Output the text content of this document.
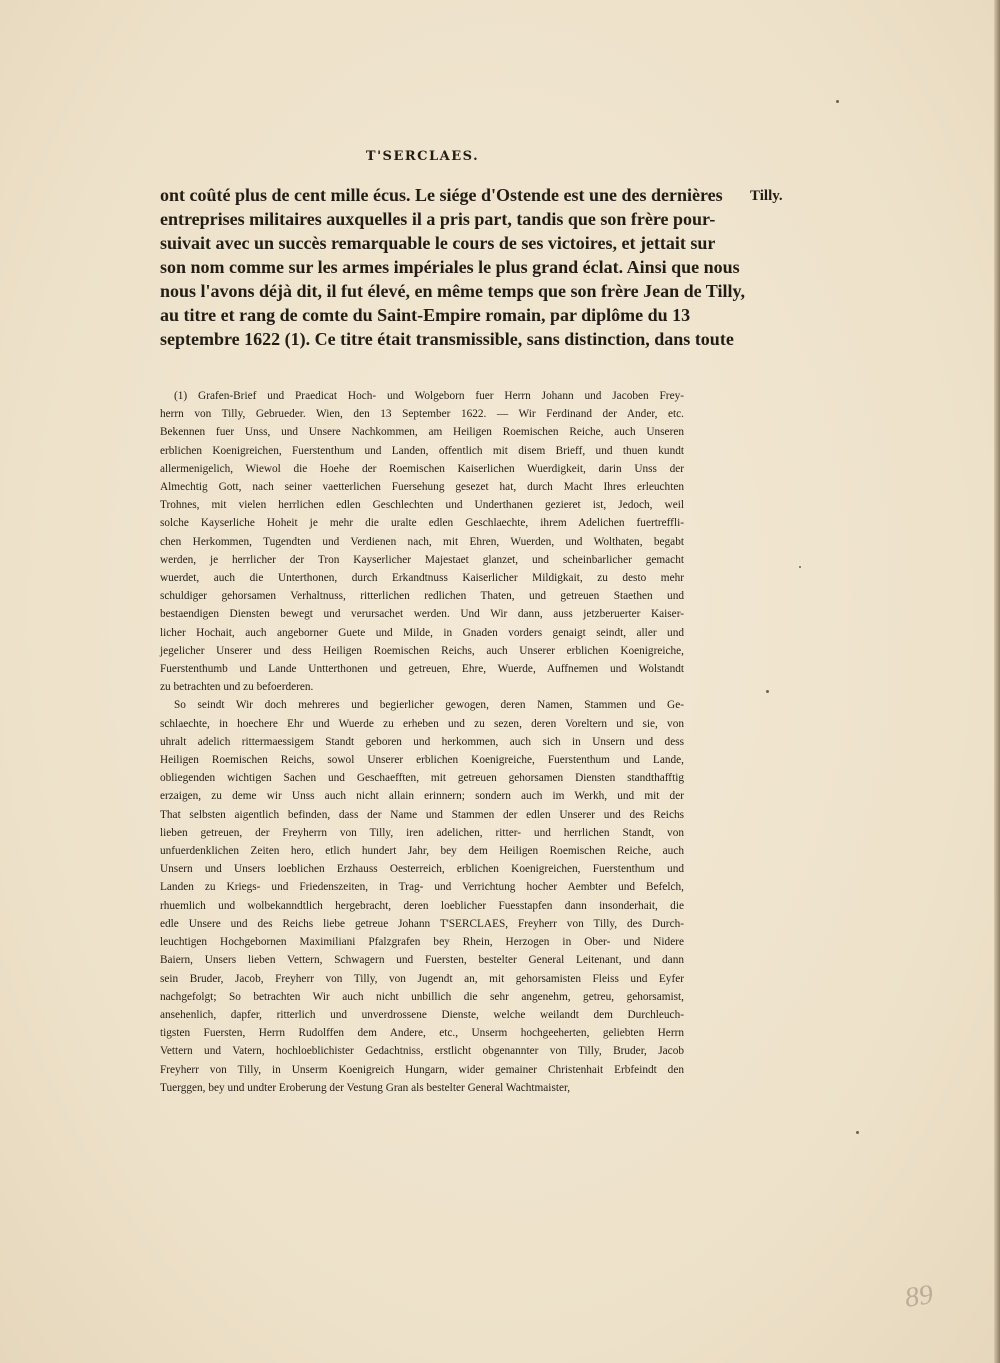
T'SERCLAES.
Tilly.
ont coûté plus de cent mille écus. Le siége d'Ostende est une des dernières
entreprises militaires auxquelles il a pris part, tandis que son frère pour-
suivait avec un succès remarquable le cours de ses victoires, et jettait sur
son nom comme sur les armes impériales le plus grand éclat. Ainsi que nous
nous l'avons déjà dit, il fut élevé, en même temps que son frère Jean de Tilly,
au titre et rang de comte du Saint-Empire romain, par diplôme du 13
septembre 1622 (1). Ce titre était transmissible, sans distinction, dans toute
(1) Grafen-Brief und Praedicat Hoch- und Wolgeborn fuer Herrn Johann und Jacoben Frey-
herrn von Tilly, Gebrueder. Wien, den 13 September 1622. — Wir Ferdinand der Ander, etc.
Bekennen fuer Unss, und Unsere Nachkommen, am Heiligen Roemischen Reiche, auch Unseren
erblichen Koenigreichen, Fuerstenthum und Landen, offentlich mit disem Brieff, und thuen kundt
allermenigelich, Wiewol die Hoehe der Roemischen Kaiserlichen Wuerdigkeit, darin Unss der
Almechtig Gott, nach seiner vaetterlichen Fuersehung gesezet hat, durch Macht Ihres erleuchten
Trohnes, mit vielen herrlichen edlen Geschlechten und Underthanen gezieret ist, Jedoch, weil
solche Kayserliche Hoheit je mehr die uralte edlen Geschlaechte, ihrem Adelichen fuertreffli-
chen Herkommen, Tugendten und Verdienen nach, mit Ehren, Wuerden, und Wolthaten, begabt
werden, je herrlicher der Tron Kayserlicher Majestaet glanzet, und scheinbarlicher gemacht
wuerdet, auch die Unterthonen, durch Erkandtnuss Kaiserlicher Mildigkait, zu desto mehr
schuldiger gehorsamen Verhaltnuss, ritterlichen redlichen Thaten, und getreuen Staethen und
bestaendigen Diensten bewegt und verursachet werden. Und Wir dann, auss jetzberuerter Kaiser-
licher Hochait, auch angeborner Guete und Milde, in Gnaden vorders genaigt seindt, aller und
jegelicher Unserer und dess Heiligen Roemischen Reichs, auch Unserer erblichen Koenigreiche,
Fuerstenthumb und Lande Untterthonen und getreuen, Ehre, Wuerde, Auffnemen und Wolstandt
zu betrachten und zu befoerderen.
So seindt Wir doch mehreres und begierlicher gewogen, deren Namen, Stammen und Ge-
schlaechte, in hoechere Ehr und Wuerde zu erheben und zu sezen, deren Voreltern und sie, von
uhralt adelich rittermaessigem Standt geboren und herkommen, auch sich in Unsern und dess
Heiligen Roemischen Reichs, sowol Unserer erblichen Koenigreiche, Fuerstenthum und Lande,
obliegenden wichtigen Sachen und Geschaefften, mit getreuen gehorsamen Diensten standthafftig
erzaigen, zu deme wir Unss auch nicht allain erinnern; sondern auch im Werkh, und mit der
That selbsten aigentlich befinden, dass der Name und Stammen der edlen Unserer und des Reichs
lieben getreuen, der Freyherrn von Tilly, iren adelichen, ritter- und herrlichen Standt, von
unfuerdenklichen Zeiten hero, etlich hundert Jahr, bey dem Heiligen Roemischen Reiche, auch
Unsern und Unsers loeblichen Erzhauss Oesterreich, erblichen Koenigreichen, Fuerstenthum und
Landen zu Kriegs- und Friedenszeiten, in Trag- und Verrichtung hocher Aembter und Befelch,
rhuemlich und wolbekanndtlich hergebracht, deren loeblicher Fuesstapfen dann insonderhait, die
edle Unsere und des Reichs liebe getreue Johann T'SERCLAES, Freyherr von Tilly, des Durch-
leuchtigen Hochgebornen Maximiliani Pfalzgrafen bey Rhein, Herzogen in Ober- und Nidere
Baiern, Unsers lieben Vettern, Schwagern und Fuersten, bestelter General Leitenant, und dann
sein Bruder, Jacob, Freyherr von Tilly, von Jugendt an, mit gehorsamisten Fleiss und Eyfer
nachgefolgt; So betrachten Wir auch nicht unbillich die sehr angenehm, getreu, gehorsamist,
ansehenlich, dapfer, ritterlich und unverdrossene Dienste, welche weilandt dem Durchleuch-
tigsten Fuersten, Herrn Rudolffen dem Andere, etc., Unserm hochgeeherten, geliebten Herrn
Vettern und Vatern, hochloeblichister Gedachtniss, erstlicht obgenannter von Tilly, Bruder, Jacob
Freyherr von Tilly, in Unserm Koenigreich Hungarn, wider gemainer Christenhait Erbfeindt den
Tuerggen, bey und undter Eroberung der Vestung Gran als bestelter General Wachtmaister,
89
